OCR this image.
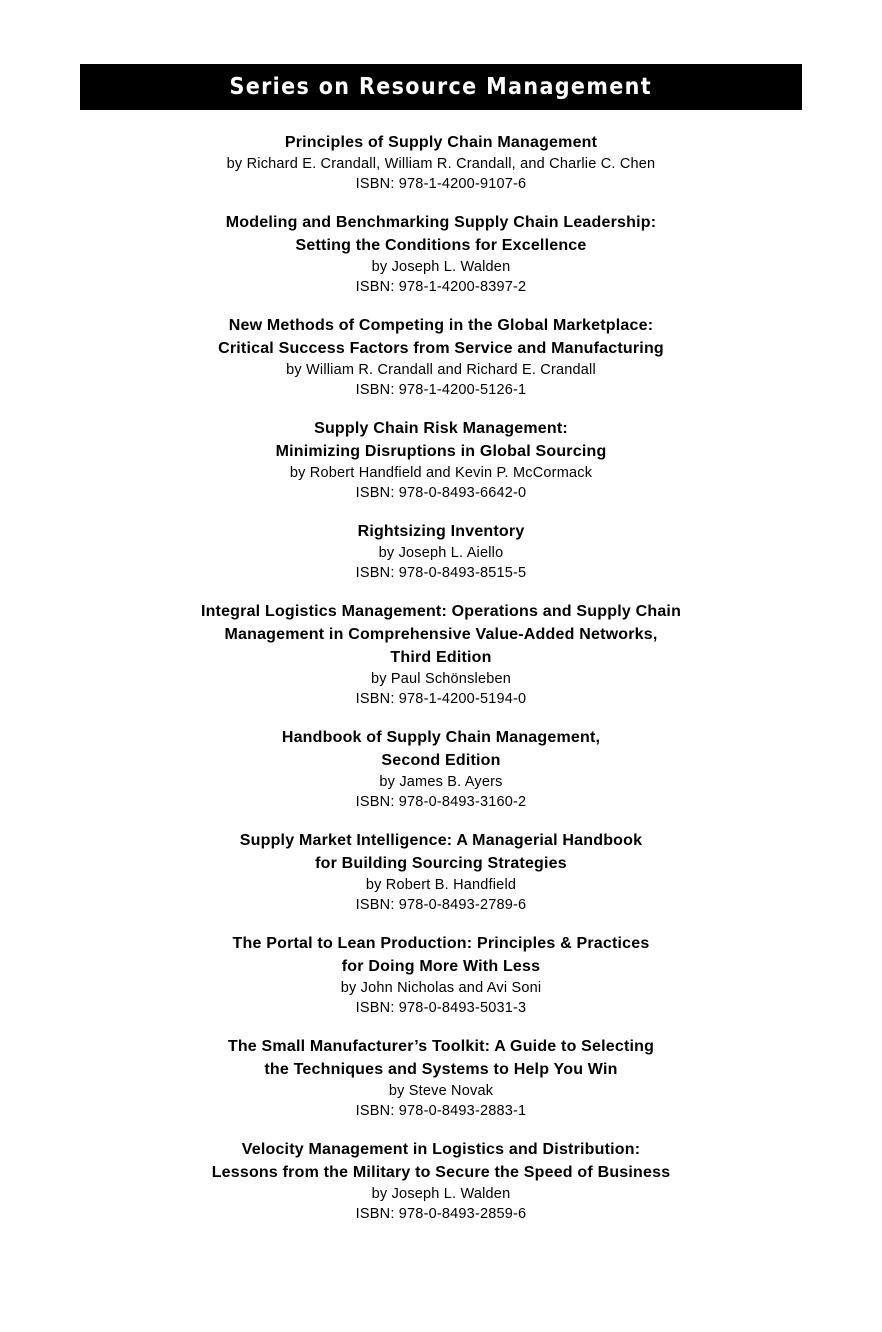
Series on Resource Management
Principles of Supply Chain Management
by Richard E. Crandall, William R. Crandall, and Charlie C. Chen
ISBN: 978-1-4200-9107-6
Modeling and Benchmarking Supply Chain Leadership:
Setting the Conditions for Excellence
by Joseph L. Walden
ISBN: 978-1-4200-8397-2
New Methods of Competing in the Global Marketplace:
Critical Success Factors from Service and Manufacturing
by William R. Crandall and Richard E. Crandall
ISBN: 978-1-4200-5126-1
Supply Chain Risk Management:
Minimizing Disruptions in Global Sourcing
by Robert Handfield and Kevin P. McCormack
ISBN: 978-0-8493-6642-0
Rightsizing Inventory
by Joseph L. Aiello
ISBN: 978-0-8493-8515-5
Integral Logistics Management: Operations and Supply Chain
Management in Comprehensive Value-Added Networks,
Third Edition
by Paul Schönsleben
ISBN: 978-1-4200-5194-0
Handbook of Supply Chain Management,
Second Edition
by James B. Ayers
ISBN: 978-0-8493-3160-2
Supply Market Intelligence: A Managerial Handbook
for Building Sourcing Strategies
by Robert B. Handfield
ISBN: 978-0-8493-2789-6
The Portal to Lean Production: Principles & Practices
for Doing More With Less
by John Nicholas and Avi Soni
ISBN: 978-0-8493-5031-3
The Small Manufacturer’s Toolkit: A Guide to Selecting
the Techniques and Systems to Help You Win
by Steve Novak
ISBN: 978-0-8493-2883-1
Velocity Management in Logistics and Distribution:
Lessons from the Military to Secure the Speed of Business
by Joseph L. Walden
ISBN: 978-0-8493-2859-6
